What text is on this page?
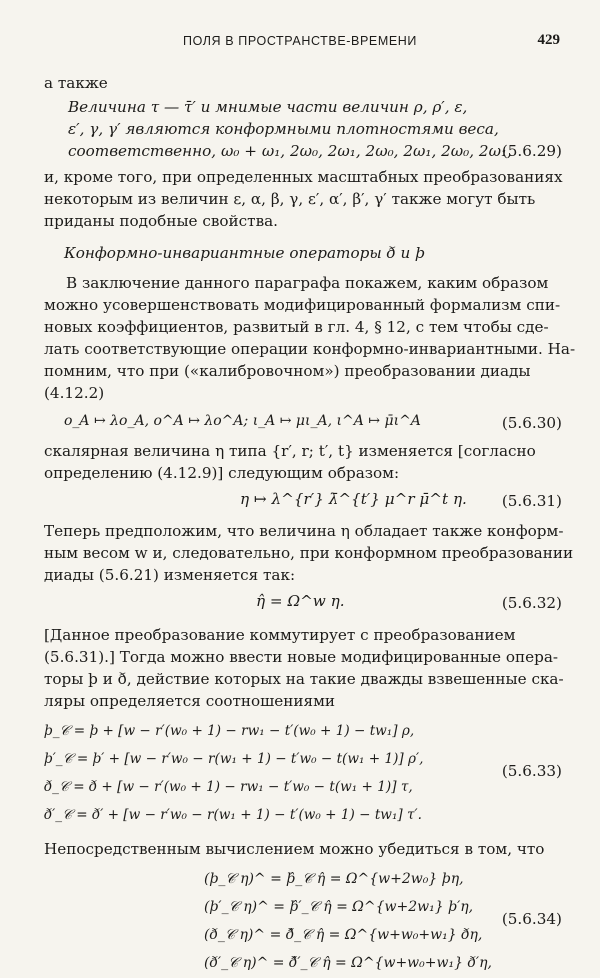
ПОЛЯ В ПРОСТРАНСТВЕ-ВРЕМЕНИ	429

а также

Величина τ — τ̄′ и мнимые части величин ρ, ρ′, ε,
ε′, γ, γ′ являются конформными плотностями веса,
соответственно, ω₀ + ω₁, 2ω₀, 2ω₁, 2ω₀, 2ω₁, 2ω₀, 2ω₁,
(5.6.29)

и, кроме того, при определенных масштабных преобразованиях

некоторым из величин ε, α, β, γ, ε′, α′, β′, γ′ также могут быть

приданы подобные свойства.

Конформно-инвариантные операторы ð и þ

В заключение данного параграфа покажем, каким образом

можно усовершенствовать модифицированный формализм спи-

новых коэффициентов, развитый в гл. 4, § 12, с тем чтобы сде-

лать соответствующие операции конформно-инвариантными. На-

помним, что при («калибровочном») преобразовании диады

(4.12.2)

o_A ↦ λo_A, o^A ↦ λo^A; ι_A ↦ μι_A, ι^A ↦ μ̄ι^A	(5.6.30)

скалярная величина η типа {r′, r; t′, t} изменяется [согласно

определению (4.12.9)] следующим образом:

η ↦ λ^{r′} λ̄^{t′} μ^r μ̄^t η. (5.6.31)

Теперь предположим, что величина η обладает также конформ-

ным весом w и, следовательно, при конформном преобразовании

диады (5.6.21) изменяется так:

η̂ = Ω^w η.	(5.6.32)

[Данное преобразование коммутирует с преобразованием

(5.6.31).] Тогда можно ввести новые модифицированные опера-

торы þ и ð, действие которых на такие дважды взвешенные ска-

ляры определяется соотношениями

þ_𝒞 = þ + [w − r′(w₀ + 1) − rw₁ − t′(w₀ + 1) − tw₁] ρ,
þ′_𝒞 = þ′ + [w − r′w₀ − r(w₁ + 1) − t′w₀ − t(w₁ + 1)] ρ′,
ð_𝒞 = ð + [w − r′(w₀ + 1) − rw₁ − t′w₀ − t(w₁ + 1)] τ,
ð′_𝒞 = ð′ + [w − r′w₀ − r(w₁ + 1) − t′(w₀ + 1) − tw₁] τ′.
(5.6.33)

Непосредственным вычислением можно убедиться в том, что

(þ_𝒞 η)^ = þ̂_𝒞 η̂ = Ω^{w+2w₀} þη,
(þ′_𝒞 η)^ = þ̂′_𝒞 η̂ = Ω^{w+2w₁} þ′η,
(ð_𝒞 η)^ = ð̂_𝒞 η̂ = Ω^{w+w₀+w₁} ðη,
(ð′_𝒞 η)^ = ð̂′_𝒞 η̂ = Ω^{w+w₀+w₁} ð′η,
(5.6.34)
